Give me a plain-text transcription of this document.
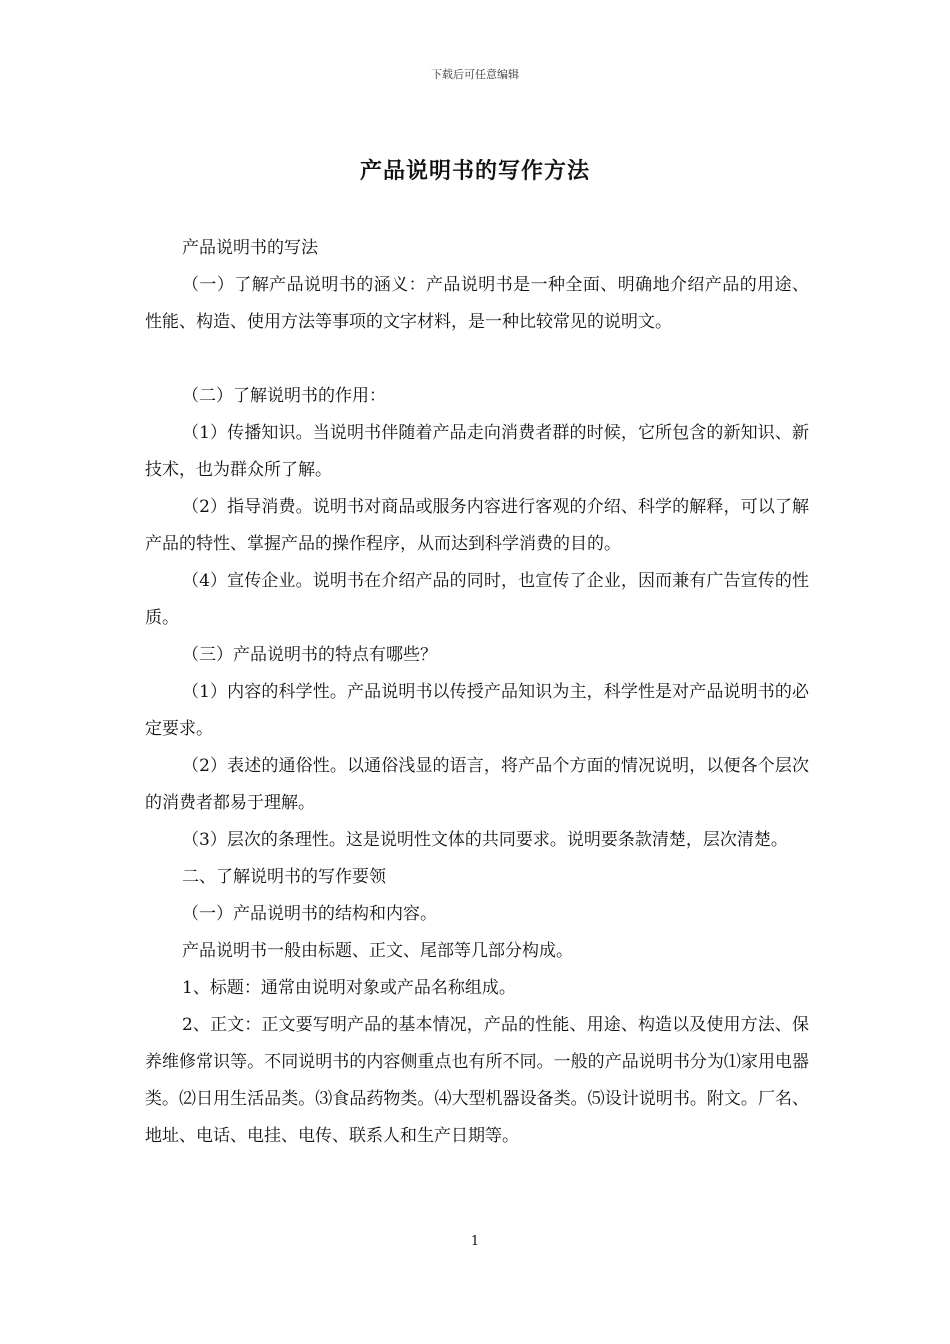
下载后可任意编辑
产品说明书的写作方法

产品说明书的写法

（一）了解产品说明书的涵义：产品说明书是一种全面、明确地介绍产品的用途、性能、构造、使用方法等事项的文字材料，是一种比较常见的说明文。

（二）了解说明书的作用：

（1）传播知识。当说明书伴随着产品走向消费者群的时候，它所包含的新知识、新技术，也为群众所了解。

（2）指导消费。说明书对商品或服务内容进行客观的介绍、科学的解释，可以了解产品的特性、掌握产品的操作程序，从而达到科学消费的目的。

（4）宣传企业。说明书在介绍产品的同时，也宣传了企业，因而兼有广告宣传的性质。

（三）产品说明书的特点有哪些？

（1）内容的科学性。产品说明书以传授产品知识为主，科学性是对产品说明书的必定要求。

（2）表述的通俗性。以通俗浅显的语言，将产品个方面的情况说明，以便各个层次的消费者都易于理解。

（3）层次的条理性。这是说明性文体的共同要求。说明要条款清楚，层次清楚。

二、了解说明书的写作要领

（一）产品说明书的结构和内容。

产品说明书一般由标题、正文、尾部等几部分构成。

1、标题：通常由说明对象或产品名称组成。

2、正文：正文要写明产品的基本情况，产品的性能、用途、构造以及使用方法、保养维修常识等。不同说明书的内容侧重点也有所不同。一般的产品说明书分为⑴家用电器类。⑵日用生活品类。⑶食品药物类。⑷大型机器设备类。⑸设计说明书。附文。厂名、地址、电话、电挂、电传、联系人和生产日期等。

1
